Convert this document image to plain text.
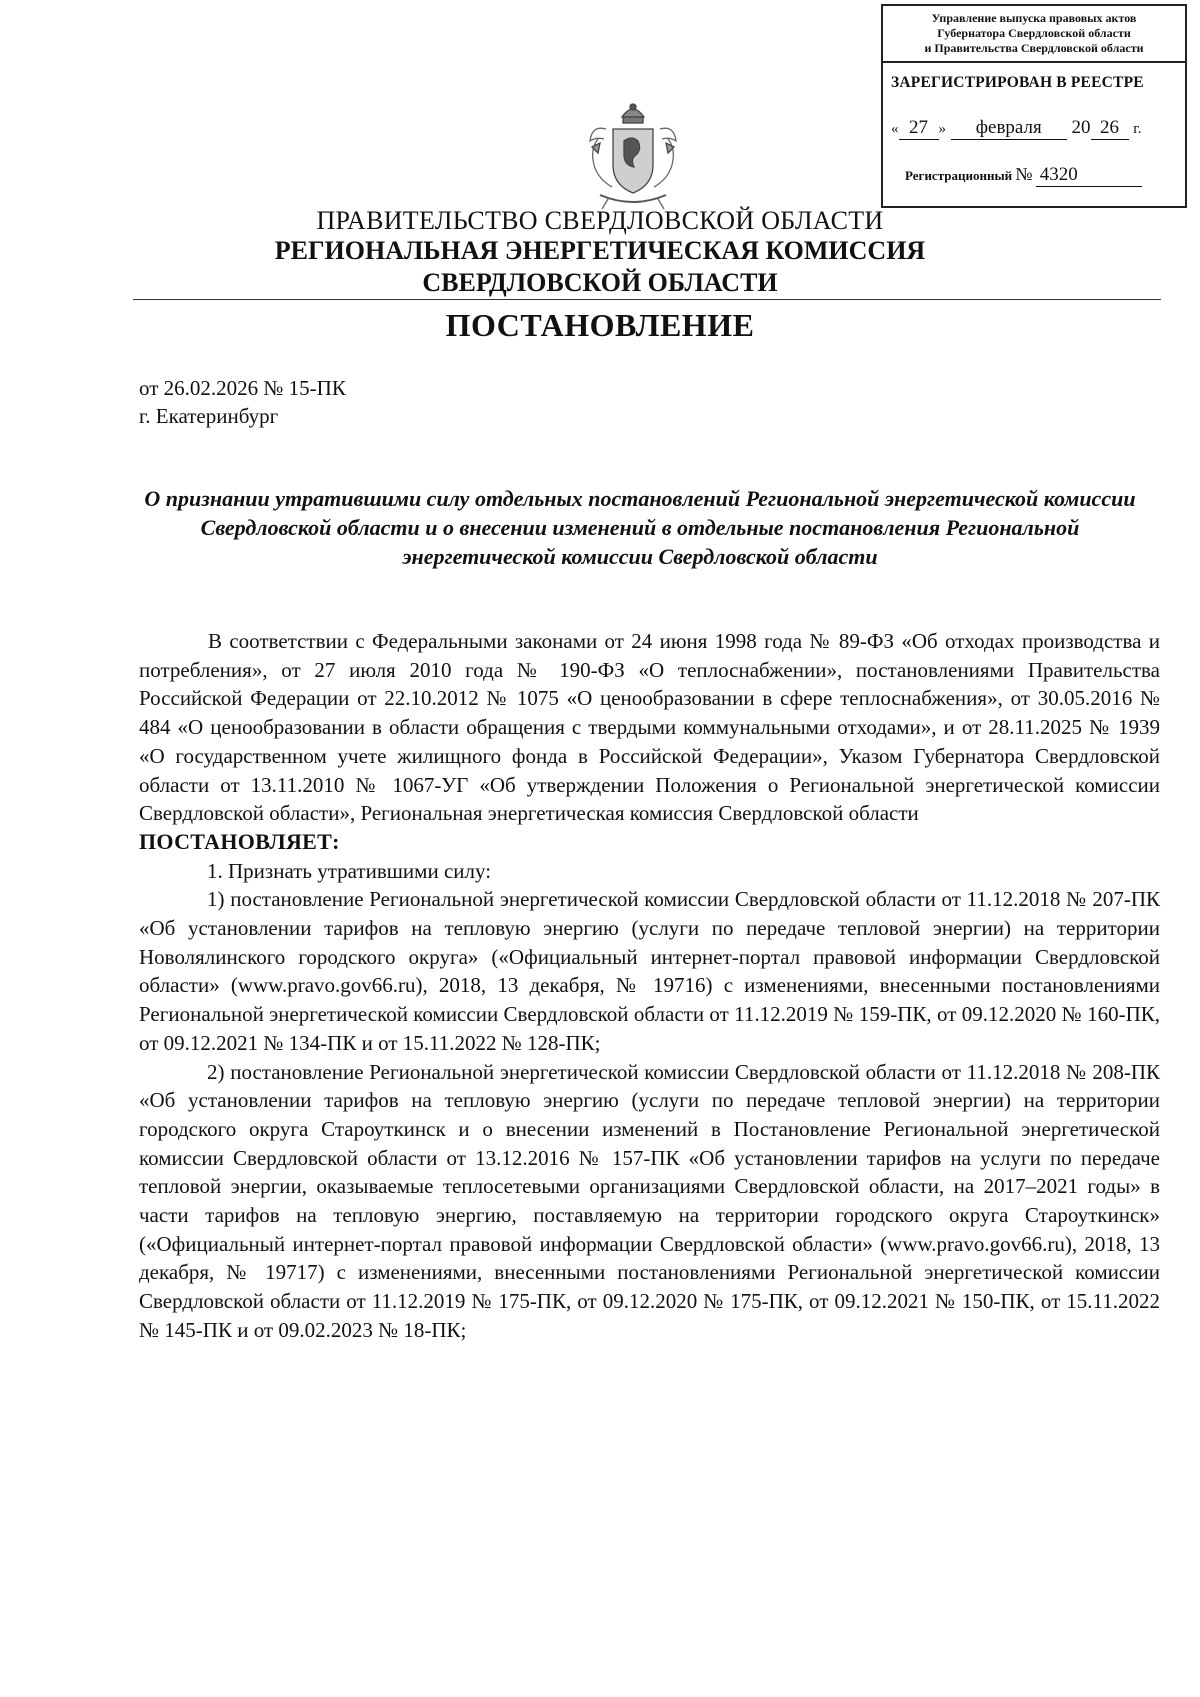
Управление выпуска правовых актов
Губернатора Свердловской области
и Правительства Свердловской области
ЗАРЕГИСТРИРОВАН В РЕЕСТРЕ
« 27 » февраля 20 26 г.
Регистрационный № 4320
ПРАВИТЕЛЬСТВО СВЕРДЛОВСКОЙ ОБЛАСТИ
РЕГИОНАЛЬНАЯ ЭНЕРГЕТИЧЕСКАЯ КОМИССИЯ
СВЕРДЛОВСКОЙ ОБЛАСТИ
ПОСТАНОВЛЕНИЕ
от 26.02.2026 № 15-ПК
г. Екатеринбург
О признании утратившими силу отдельных постановлений Региональной энергетической комиссии Свердловской области и о внесении изменений в отдельные постановления Региональной энергетической комиссии Свердловской области

В соответствии с Федеральными законами от 24 июня 1998 года № 89-ФЗ «Об отходах производства и потребления», от 27 июля 2010 года № 190-ФЗ «О теплоснабжении», постановлениями Правительства Российской Федерации от 22.10.2012 № 1075 «О ценообразовании в сфере теплоснабжения», от 30.05.2016 № 484 «О ценообразовании в области обращения с твердыми коммунальными отходами», и от 28.11.2025 № 1939 «О государственном учете жилищного фонда в Российской Федерации», Указом Губернатора Свердловской области от 13.11.2010 № 1067-УГ «Об утверждении Положения о Региональной энергетической комиссии Свердловской области», Региональная энергетическая комиссия Свердловской области

ПОСТАНОВЛЯЕТ:

1. Признать утратившими силу:

1) постановление Региональной энергетической комиссии Свердловской области от 11.12.2018 № 207-ПК «Об установлении тарифов на тепловую энергию (услуги по передаче тепловой энергии) на территории Новолялинского городского округа» («Официальный интернет-портал правовой информации Свердловской области» (www.pravo.gov66.ru), 2018, 13 декабря, № 19716) с изменениями, внесенными постановлениями Региональной энергетической комиссии Свердловской области от 11.12.2019 № 159-ПК, от 09.12.2020 № 160-ПК, от 09.12.2021 № 134-ПК и от 15.11.2022 № 128-ПК;

2) постановление Региональной энергетической комиссии Свердловской области от 11.12.2018 № 208-ПК «Об установлении тарифов на тепловую энергию (услуги по передаче тепловой энергии) на территории городского округа Староуткинск и о внесении изменений в Постановление Региональной энергетической комиссии Свердловской области от 13.12.2016 № 157-ПК «Об установлении тарифов на услуги по передаче тепловой энергии, оказываемые теплосетевыми организациями Свердловской области, на 2017–2021 годы» в части тарифов на тепловую энергию, поставляемую на территории городского округа Староуткинск» («Официальный интернет-портал правовой информации Свердловской области» (www.pravo.gov66.ru), 2018, 13 декабря, № 19717) с изменениями, внесенными постановлениями Региональной энергетической комиссии Свердловской области от 11.12.2019 № 175-ПК, от 09.12.2020 № 175-ПК, от 09.12.2021 № 150-ПК, от 15.11.2022 № 145-ПК и от 09.02.2023 № 18-ПК;
